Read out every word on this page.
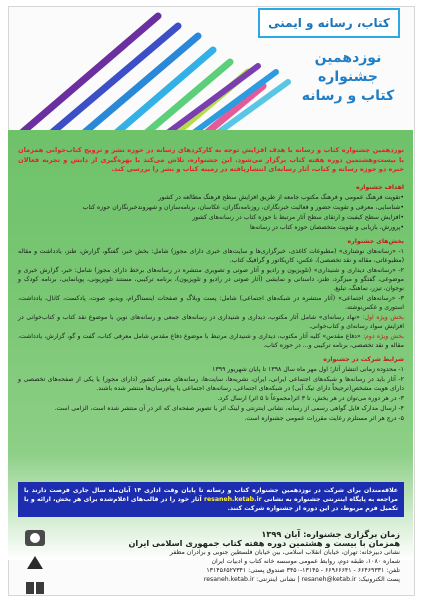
کتاب، رسانه و ایمنی
نوزدهمین
جشنواره
کتاب و رسانه
نوزدهمین جشنواره کتاب و رسانه با هدف افزایش توجه به کارکردهای رسانه در حوزه نشر و ترویج کتاب‌خوانی همزمان با بیست‌وهشتمین دوره هفته کتاب برگزار می‌شود. این جشنواره، تلاش می‌کند با بهره‌گیری از دانش و تجربه فعالان خبره دو حوزه رسانه و کتاب، آثار رسانه‌ای انتشاریافته در زمینه کتاب و نشر را بررسی کند.
اهداف جشنواره
•تقویت فرهنگ عمومی و فرهنگ مکتوب جامعه از طریق افزایش سطح فرهنگ مطالعه در کشور
•شناسایی، معرفی و تقویت حضور و فعالیت خبرنگاران، روزنامه‌نگاران، عکاسان، برنامه‌سازان و شهروندخبرنگاران حوزه کتاب
•افزایش سطح کیفیت و ارتقای سطح آثار مرتبط با حوزه کتاب در رسانه‌های کشور
•پرورش، بازیابی و تقویت متخصصان حوزه کتاب در رسانه‌ها
بخش‌های جشنواره
۱- «رسانه‌های نوشتاری» (مطبوعات کاغذی، خبرگزاری‌ها و سایت‌های خبری دارای مجوز) شامل: بخش خبر، گفتگو، گزارش، طنز، یادداشت و مقاله (مطبوعاتی، مقاله و نقد تخصصی)، عکس، کاریکاتور و گرافیک کتاب.
۲- «رسانه‌های دیداری و شنیداری» (تلویزیون و رادیو و آثار صوتی و تصویری منتشره در رسانه‌های برخط دارای مجوز) شامل: خبر، گزارش خبری و موضوعی، گفتگو و میزگرد، طنز، داستانی و نمایشی (آثار صوتی در رادیو و تلویزیون)، برنامه ترکیبی، مستند تلویزیونی، پویانمایی، برنامه کودک و نوجوان، تیزر، نماهنگ، تبلیغ.
۳- «رسانه‌های اجتماعی» (آثار منتشره در شبکه‌های اجتماعی) شامل: پست وبلاگ و صفحات اینستاگرام، ویدیو، صوت، پادکست، کانال، یادداشت، استوری و عکس‌نوشته.
بخش ویژه اول: «نهاد رسانه‌ای» شامل آثار مکتوب، دیداری و شنیداری در رسانه‌های جمعی و رسانه‌های نوین با موضوع نقد کتاب و کتاب‌خوانی در افزایش سواد رسانه‌ای و کتاب‌خوانی.
بخش ویژه دوم: «دفاع مقدس» کلیه آثار مکتوب، دیداری و شنیداری مرتبط با موضوع دفاع مقدس شامل معرفی کتاب، گفت و گو، گزارش، یادداشت، مقاله و نقد تخصصی، برنامه ترکیبی و... در حوزه کتاب.
شرایط شرکت در جشنواره
۱- محدوده زمانی انتشار آثار؛ اول مهر ماه سال ۱۳۹۸ تا پایان شهریور ۱۳۹۹
۲- آثار باید در رسانه‌ها و شبکه‌های اجتماعی ایرانی، ایران، نشریه‌ها، سایت‌ها، رسانه‌های معتبر کشور (دارای مجوز) یا یکی از صفحه‌های تخصصی و دارای هویت مشخص(ترجیحاً دارای تیک آبی) در شبکه‌های اجتماعی، رسانه‌های اجتماعی یا پیام‌رسان‌ها منتشر شده باشند.
۳- در هر دوره می‌توان در هر بخش، تا ۳ اثر(مجموعاً تا ۵ اثر) ارسال کرد.
۴- ارسال مدارک فایل گواهی رسمی از رسانه، نشانی اینترنتی و لینک اثر یا تصویر صفحه‌ای که اثر در آن منتشر شده است، الزامی است.
۵- درج هر اثر مستلزم رعایت مقررات عمومی جشنواره است.
علاقه‌مندان برای شرکت در نوزدهمین جشنواره کتاب و رسانه تا پایان وقت اداری ۱۴ آبان‌ماه سال جاری فرصت دارند با مراجعه به پایگاه اینترنتی جشنواره به نشانی resaneh.ketab.ir آثار خود را در قالب‌های اعلام‌شده برای هر بخش، ارائه و با تکمیل فرم مربوط، در این دوره از جشنواره شرکت کنند.
زمان برگزاری جشنواره: آبان ۱۳۹۹
همزمان با بیست و هشتمین دوره هفته کتاب جمهوری اسلامی ایران
نشانی دبیرخانه: تهران، خیابان انقلاب اسلامی، بین خیابان فلسطین جنوبی و برادران مظفر
شماره ۱۰۸۰، طبقه دوم، روابط عمومی موسسه خانه کتاب و ادبیات ایران
تلفن: ۶۶۴۶۹۳۳۱ - ۶۶۹۶۶۶۴۱ - ۱۳۱۴۵-۳۴۵۰ صندوق پستی: ۱۳۱۴۵۶۵۲۷۳۴۱
پست الکترونیک: resaneh@ketab.ir | نشانی اینترنتی: resaneh.ketab.ir
